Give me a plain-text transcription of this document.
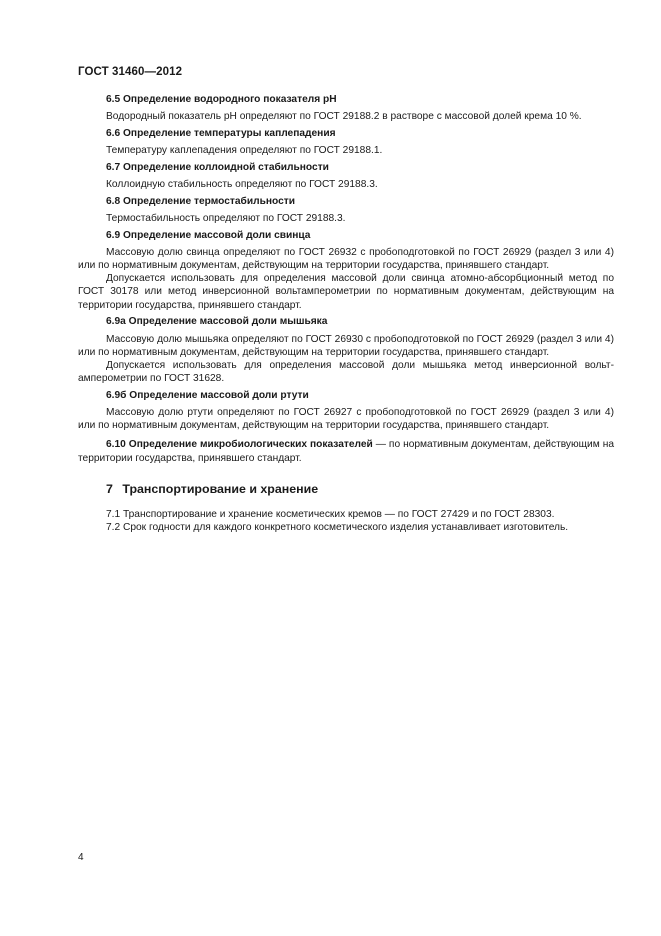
ГОСТ 31460—2012
6.5 Определение водородного показателя рН

Водородный показатель рН определяют по ГОСТ 29188.2 в растворе с массовой долей крема 10 %.

6.6 Определение температуры каплепадения

Температуру каплепадения определяют по ГОСТ 29188.1.

6.7 Определение коллоидной стабильности

Коллоидную стабильность определяют по ГОСТ 29188.3.

6.8 Определение термостабильности

Термостабильность определяют по ГОСТ 29188.3.

6.9 Определение массовой доли свинца

Массовую долю свинца определяют по ГОСТ 26932 с пробоподготовкой по ГОСТ 26929 (раздел 3 или 4) или по нормативным документам, действующим на территории государства, принявшего стандарт.

Допускается использовать для определения массовой доли свинца атомно-абсорбционный метод по ГОСТ 30178 или метод инверсионной вольтамперометрии по нормативным документам, действующим на территории государства, принявшего стандарт.

6.9а Определение массовой доли мышьяка

Массовую долю мышьяка определяют по ГОСТ 26930 с пробоподготовкой по ГОСТ 26929 (раздел 3 или 4) или по нормативным документам, действующим на территории государства, принявшего стандарт.

Допускается использовать для определения массовой доли мышьяка метод инверсионной вольтамперометрии по ГОСТ 31628.

6.9б Определение массовой доли ртути

Массовую долю ртути определяют по ГОСТ 26927 с пробоподготовкой по ГОСТ 26929 (раздел 3 или 4) или по нормативным документам, действующим на территории государства, принявшего стандарт.

6.10 Определение микробиологических показателей — по нормативным документам, действующим на территории государства, принявшего стандарт.

7 Транспортирование и хранение
7.1 Транспортирование и хранение косметических кремов — по ГОСТ 27429 и по ГОСТ 28303.
7.2 Срок годности для каждого конкретного косметического изделия устанавливает изготовитель.
4
